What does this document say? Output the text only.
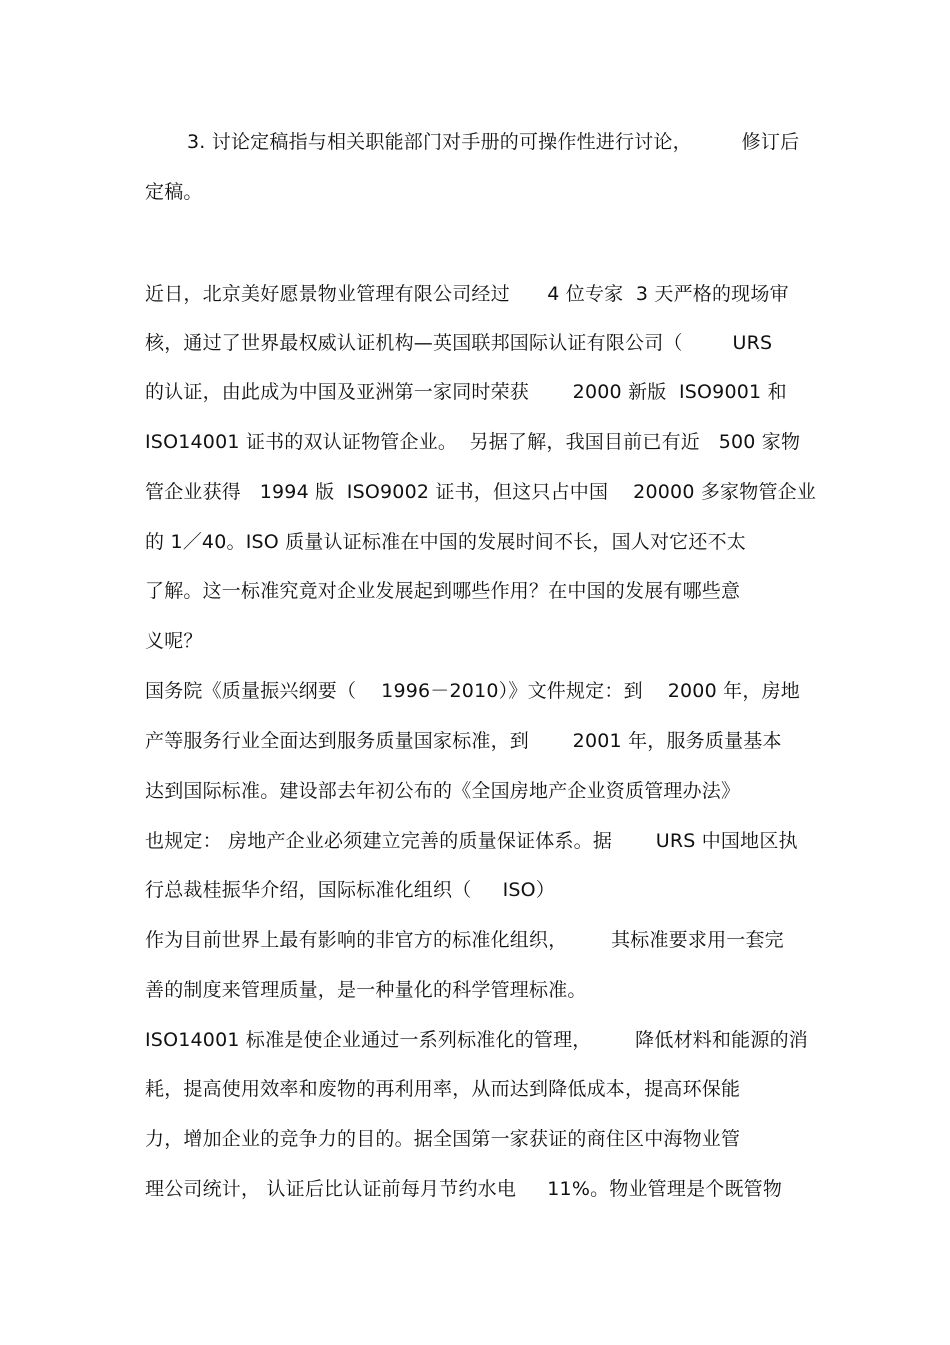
3. 讨论定稿指与相关职能部门对手册的可操作性进行讨论，        修订后
定稿。
近日，北京美好愿景物业管理有限公司经过      4 位专家  3 天严格的现场审
核，通过了世界最权威认证机构—英国联邦国际认证有限公司（        URS
的认证，由此成为中国及亚洲第一家同时荣获       2000 新版  ISO9001 和
ISO14001 证书的双认证物管企业。  另据了解，我国目前已有近   500 家物
管企业获得   1994 版  ISO9002 证书，但这只占中国    20000 多家物管企业
的 1／40。ISO 质量认证标准在中国的发展时间不长，国人对它还不太
了解。这一标准究竟对企业发展起到哪些作用？在中国的发展有哪些意
义呢？
国务院《质量振兴纲要（    1996－2010）》文件规定：到    2000 年，房地
产等服务行业全面达到服务质量国家标准，到       2001 年，服务质量基本
达到国际标准。建设部去年初公布的《全国房地产企业资质管理办法》
也规定： 房地产企业必须建立完善的质量保证体系。据       URS 中国地区执
行总裁桂振华介绍，国际标准化组织（     ISO）
作为目前世界上最有影响的非官方的标准化组织，       其标准要求用一套完
善的制度来管理质量，是一种量化的科学管理标准。
ISO14001 标准是使企业通过一系列标准化的管理，       降低材料和能源的消
耗，提高使用效率和废物的再利用率，从而达到降低成本，提高环保能
力，增加企业的竞争力的目的。据全国第一家获证的商住区中海物业管
理公司统计， 认证后比认证前每月节约水电     11%。物业管理是个既管物
